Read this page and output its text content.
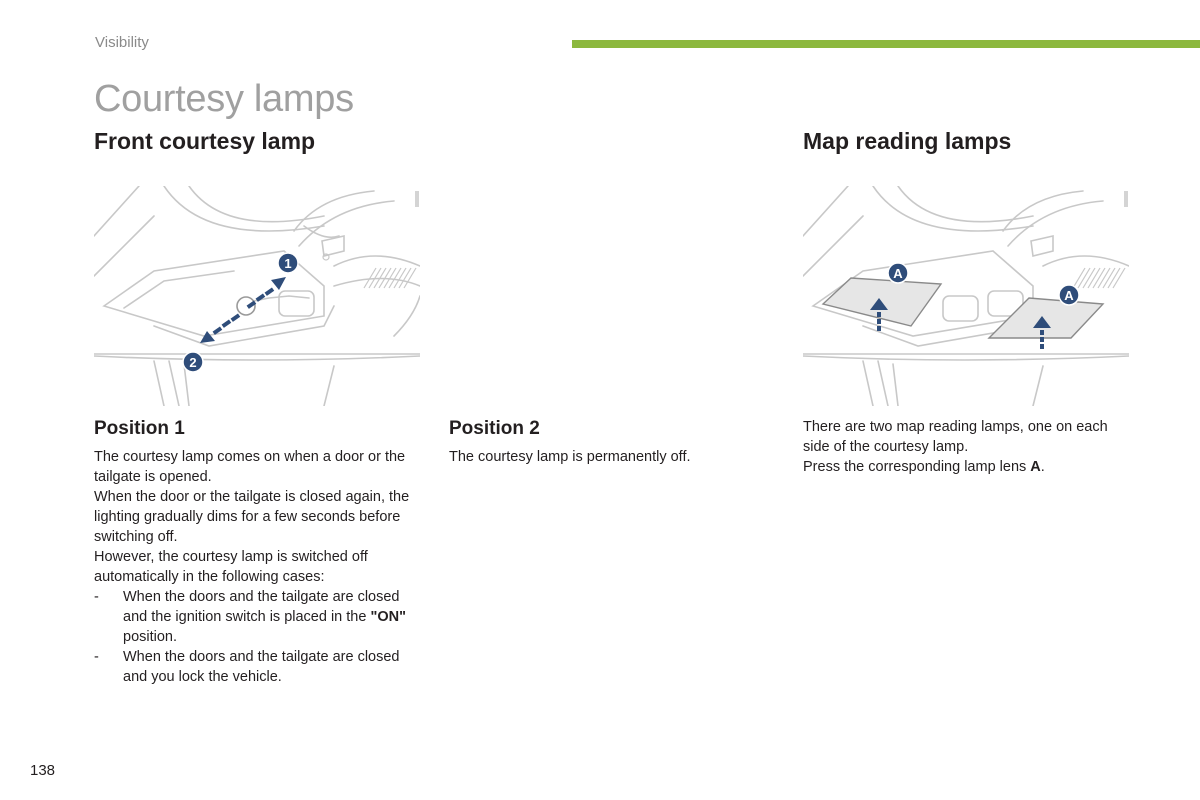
Visibility
Courtesy lamps
Front courtesy lamp	Map reading lamps
1
2
A
A
Position 1

The courtesy lamp comes on when a door or the tailgate is opened.

When the door or the tailgate is closed again, the lighting gradually dims for a few seconds before switching off.

However, the courtesy lamp is switched off automatically in the following cases:

-	When the doors and the tailgate are closed and the ignition switch is placed in the "ON" position.
-	When the doors and the tailgate are closed and you lock the vehicle.
Position 2

The courtesy lamp is permanently off.

There are two map reading lamps, one on each side of the courtesy lamp.

Press the corresponding lamp lens A.

138
